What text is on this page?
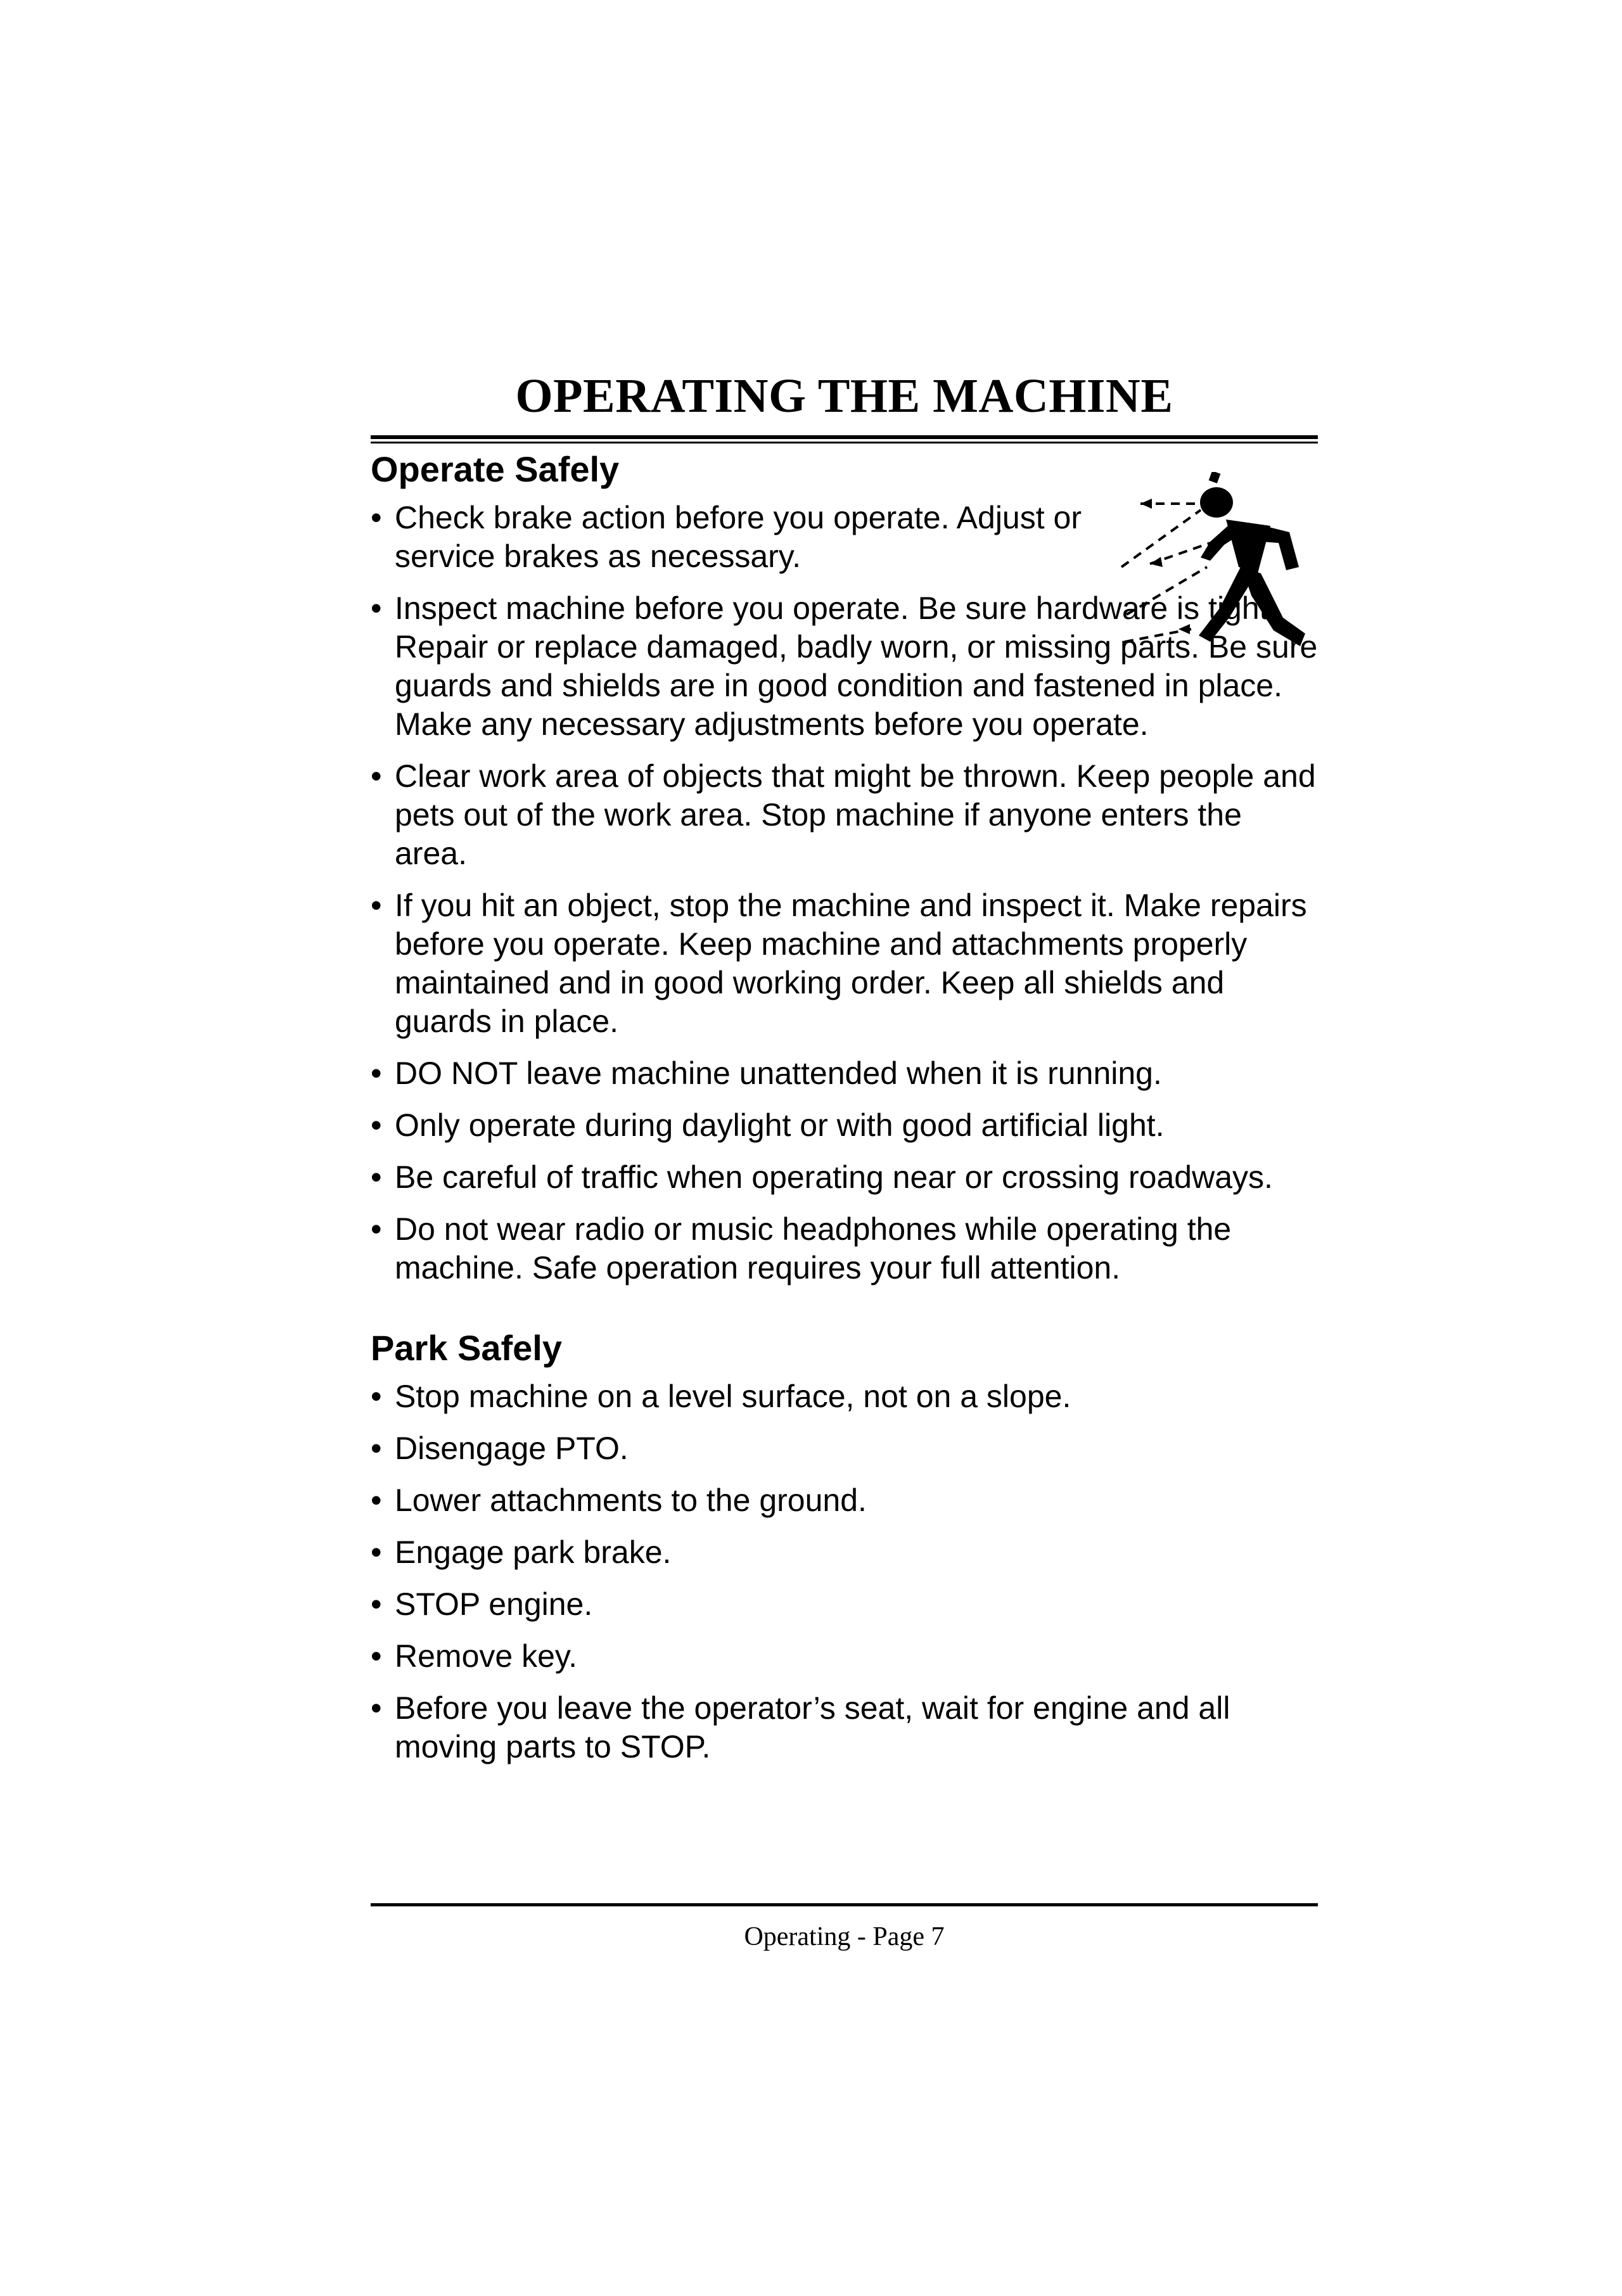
OPERATING THE MACHINE
Operate Safely
• Check brake action before you operate. Adjust or service brakes as necessary.
• Inspect machine before you operate. Be sure hardware is tight. Repair or replace damaged, badly worn, or missing parts. Be sure guards and shields are in good condition and fastened in place. Make any necessary adjustments before you operate.
• Clear work area of objects that might be thrown. Keep people and pets out of the work area. Stop machine if anyone enters the area.
• If you hit an object, stop the machine and inspect it. Make repairs before you operate. Keep machine and attachments properly maintained and in good working order. Keep all shields and guards in place.
• DO NOT leave machine unattended when it is running.
• Only operate during daylight or with good artificial light.
• Be careful of traffic when operating near or crossing roadways.
• Do not wear radio or music headphones while operating the machine. Safe operation requires your full attention.
Park Safely
• Stop machine on a level surface, not on a slope.
• Disengage PTO.
• Lower attachments to the ground.
• Engage park brake.
• STOP engine.
• Remove key.
• Before you leave the operator’s seat, wait for engine and all moving parts to STOP.
Operating - Page 7
